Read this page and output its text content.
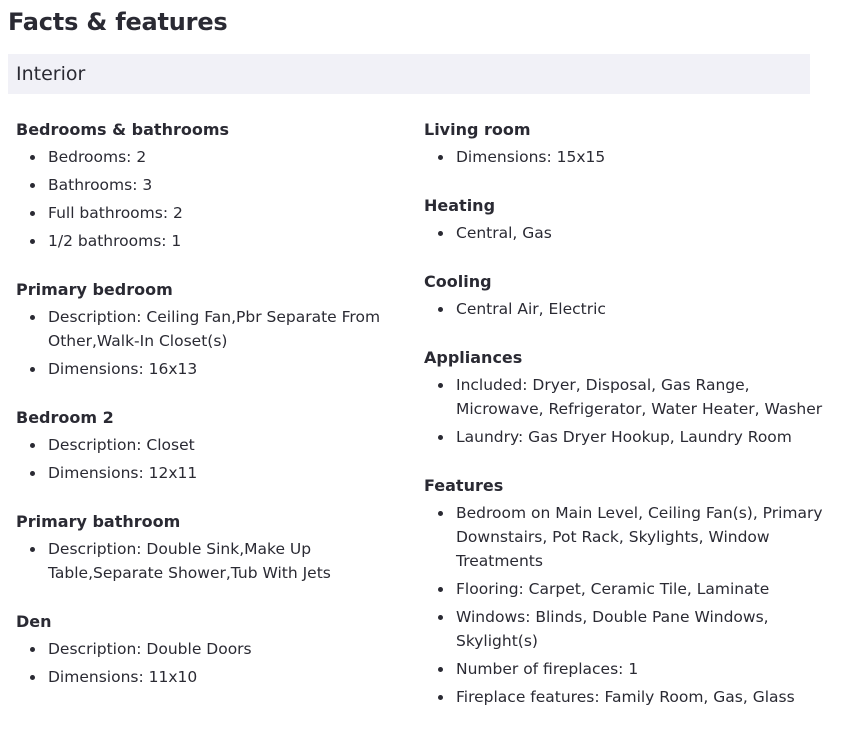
Facts & features
Interior
Bedrooms & bathrooms
Bedrooms: 2
Bathrooms: 3
Full bathrooms: 2
1/2 bathrooms: 1
Primary bedroom
Description: Ceiling Fan,Pbr Separate From Other,Walk-In Closet(s)
Dimensions: 16x13
Bedroom 2
Description: Closet
Dimensions: 12x11
Primary bathroom
Description: Double Sink,Make Up Table,Separate Shower,Tub With Jets
Den
Description: Double Doors
Dimensions: 11x10
Living room
Dimensions: 15x15
Heating
Central, Gas
Cooling
Central Air, Electric
Appliances
Included: Dryer, Disposal, Gas Range, Microwave, Refrigerator, Water Heater, Washer
Laundry: Gas Dryer Hookup, Laundry Room
Features
Bedroom on Main Level, Ceiling Fan(s), Primary Downstairs, Pot Rack, Skylights, Window Treatments
Flooring: Carpet, Ceramic Tile, Laminate
Windows: Blinds, Double Pane Windows, Skylight(s)
Number of fireplaces: 1
Fireplace features: Family Room, Gas, Glass
